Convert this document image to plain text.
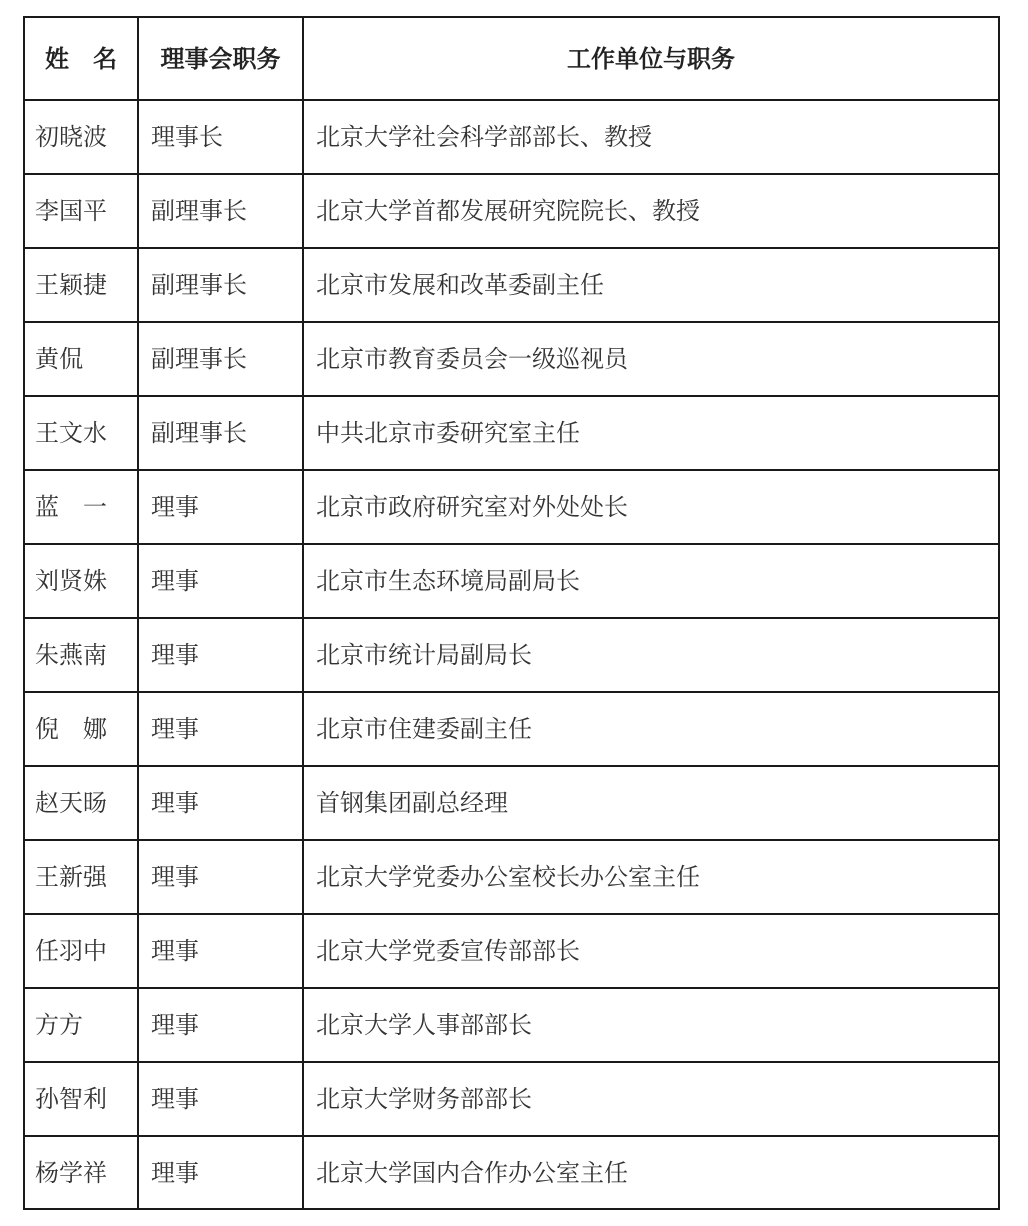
姓　名	理事会职务	工作单位与职务
初晓波	理事长	北京大学社会科学部部长、教授
李国平	副理事长	北京大学首都发展研究院院长、教授
王颖捷	副理事长	北京市发展和改革委副主任
黄侃	副理事长	北京市教育委员会一级巡视员
王文水	副理事长	中共北京市委研究室主任
蓝　一	理事	北京市政府研究室对外处处长
刘贤姝	理事	北京市生态环境局副局长
朱燕南	理事	北京市统计局副局长
倪　娜	理事	北京市住建委副主任
赵天旸	理事	首钢集团副总经理
王新强	理事	北京大学党委办公室校长办公室主任
任羽中	理事	北京大学党委宣传部部长
方方	理事	北京大学人事部部长
孙智利	理事	北京大学财务部部长
杨学祥	理事	北京大学国内合作办公室主任
